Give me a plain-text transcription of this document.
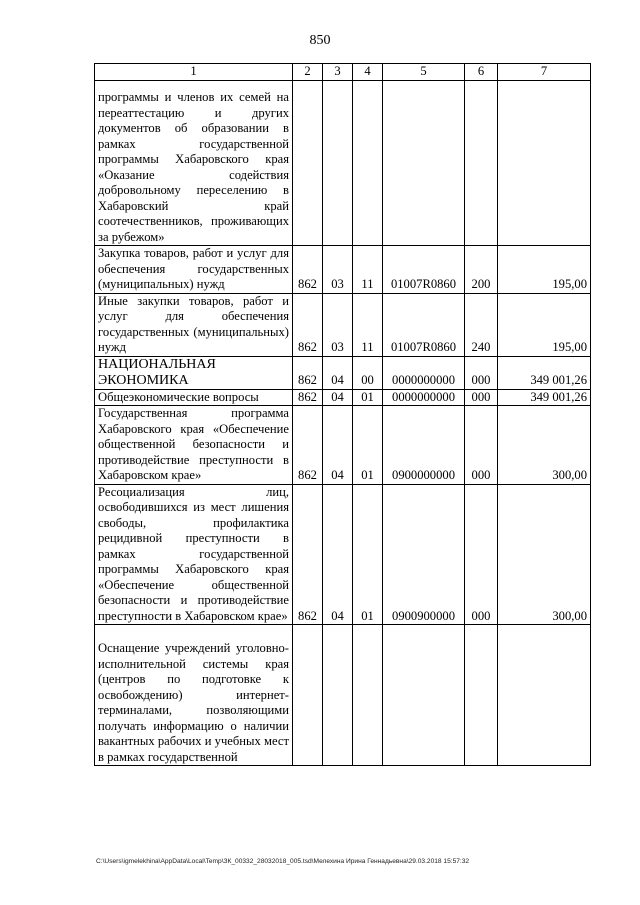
850
1	2	3	4	5	6	7
программы и членов их семей на переаттестацию и других документов об образовании в рамках государственной программы Хабаровского края «Оказание содействия добровольному переселению в Хабаровский край соотечественников, проживающих за рубежом»						
Закупка товаров, работ и услуг для обеспечения государственных (муниципальных) нужд	862	03	11	01007R0860	200	195,00
Иные закупки товаров, работ и услуг для обеспечения государственных (муниципальных) нужд	862	03	11	01007R0860	240	195,00
НАЦИОНАЛЬНАЯ ЭКОНОМИКА	862	04	00	0000000000	000	349 001,26
Общеэкономические вопросы	862	04	01	0000000000	000	349 001,26
Государственная программа Хабаровского края «Обеспечение общественной безопасности и противодействие преступности в Хабаровском крае»	862	04	01	0900000000	000	300,00
Ресоциализация лиц, освободившихся из мест лишения свободы, профилактика рецидивной преступности в рамках государственной программы Хабаровского края «Обеспечение общественной безопасности и противодействие преступности в Хабаровском крае»	862	04	01	0900900000	000	300,00
Оснащение учреждений уголовно-исполнительной системы края (центров по подготовке к освобождению) интернет-терминалами, позволяющими получать информацию о наличии вакантных рабочих и учебных мест в рамках государственной						
C:\Users\igmelekhina\AppData\Local\Temp\ЗК_00332_28032018_005.tsd\Мелехина Ирина Геннадьевна\29.03.2018 15:57:32
